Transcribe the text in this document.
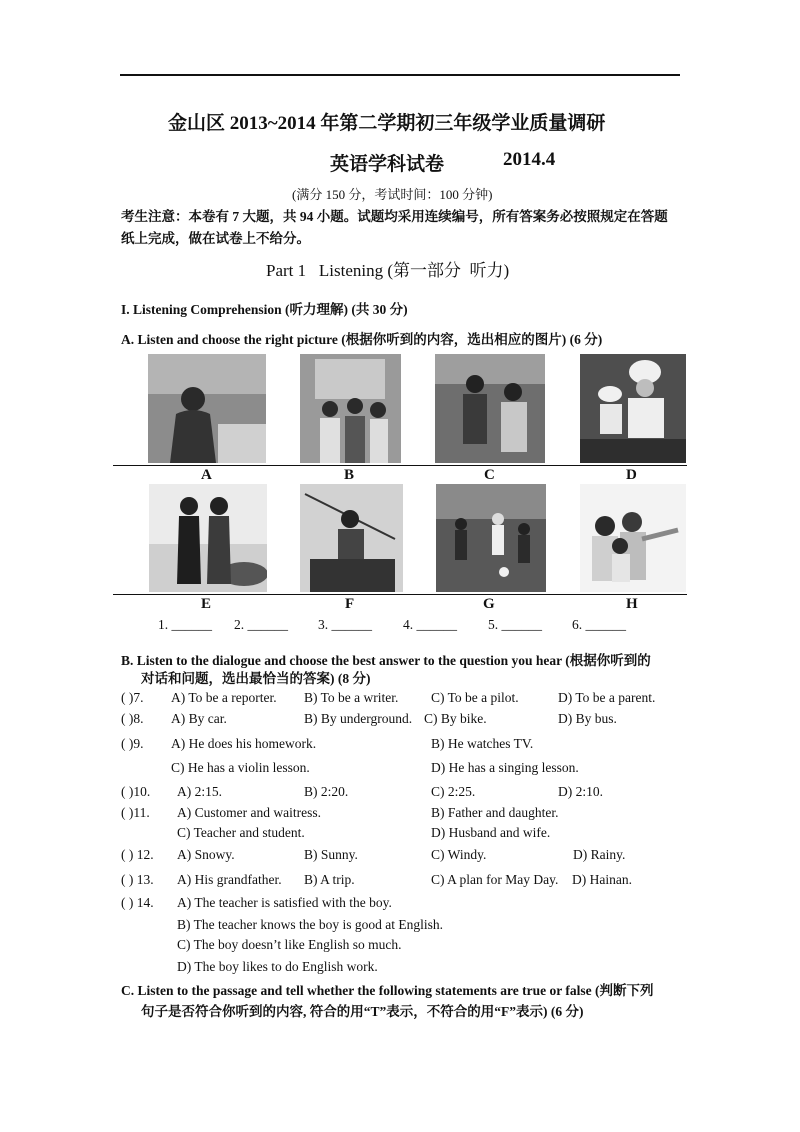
金山区 2013~2014 年第二学期初三年级学业质量调研
英语学科试卷	2014.4
(满分 150 分，考试时间：100 分钟)
考生注意：本卷有 7 大题，共 94 小题。试题均采用连续编号，所有答案务必按照规定在答题
纸上完成，做在试卷上不给分。
Part 1   Listening (第一部分  听力)
I. Listening Comprehension (听力理解) (共 30 分)
A. Listen and choose the right picture (根据你听到的内容，选出相应的图片) (6 分)
A	B	C	D
E	F	G	H
1. ______ 2. ______ 3. ______ 4. ______ 5. ______ 6. ______
B. Listen to the dialogue and choose the best answer to the question you hear (根据你听到的
对话和问题，选出最恰当的答案) (8 分)
( )7. A) To be a reporter. B) To be a writer. C) To be a pilot.	D) To be a parent.
( )8. A) By car.	B) By underground. C) By bike.	D) By bus.
( )9. A) He does his homework.	B) He watches TV.
C) He has a violin lesson.	D) He has a singing lesson.
( )10. A) 2:15.	B) 2:20.	C) 2:25.	D) 2:10.
( )11. A) Customer and waitress.	B) Father and daughter.
C) Teacher and student.	D) Husband and wife.
( ) 12. A) Snowy.	B) Sunny.	C) Windy.	D) Rainy.
( ) 13. A) His grandfather. B) A trip.	C) A plan for May Day. D) Hainan.
( ) 14. A) The teacher is satisfied with the boy.
B) The teacher knows the boy is good at English.
C) The boy doesn’t like English so much.
D) The boy likes to do English work.
C. Listen to the passage and tell whether the following statements are true or false (判断下列
句子是否符合你听到的内容, 符合的用“T”表示，不符合的用“F”表示) (6 分)
